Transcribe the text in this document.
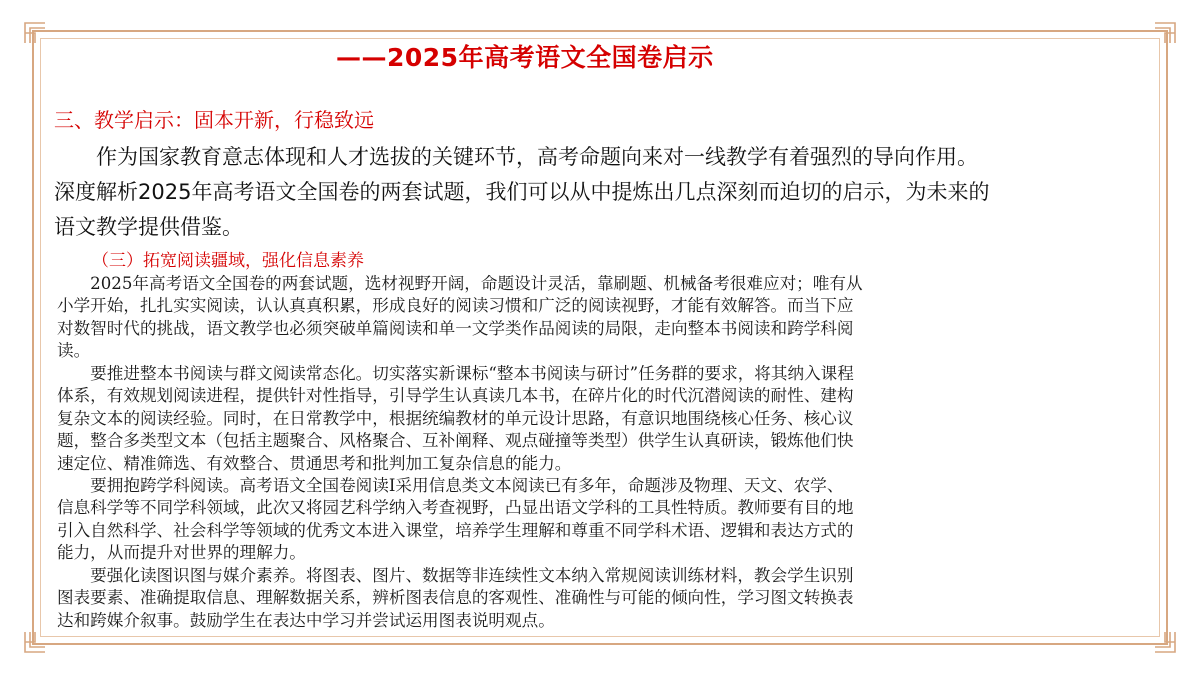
——2025年高考语文全国卷启示
三、教学启示：固本开新，行稳致远
　　作为国家教育意志体现和人才选拔的关键环节，高考命题向来对一线教学有着强烈的导向作用。
深度解析2025年高考语文全国卷的两套试题，我们可以从中提炼出几点深刻而迫切的启示，为未来的
语文教学提供借鉴。
（三）拓宽阅读疆域，强化信息素养
　　2025年高考语文全国卷的两套试题，选材视野开阔，命题设计灵活，靠刷题、机械备考很难应对；唯有从
小学开始，扎扎实实阅读，认认真真积累，形成良好的阅读习惯和广泛的阅读视野，才能有效解答。而当下应
对数智时代的挑战，语文教学也必须突破单篇阅读和单一文学类作品阅读的局限，走向整本书阅读和跨学科阅
读。
　　要推进整本书阅读与群文阅读常态化。切实落实新课标“整本书阅读与研讨”任务群的要求，将其纳入课程
体系，有效规划阅读进程，提供针对性指导，引导学生认真读几本书，在碎片化的时代沉潜阅读的耐性、建构
复杂文本的阅读经验。同时，在日常教学中，根据统编教材的单元设计思路，有意识地围绕核心任务、核心议
题，整合多类型文本（包括主题聚合、风格聚合、互补阐释、观点碰撞等类型）供学生认真研读，锻炼他们快
速定位、精准筛选、有效整合、贯通思考和批判加工复杂信息的能力。
　　要拥抱跨学科阅读。高考语文全国卷阅读Ⅰ采用信息类文本阅读已有多年，命题涉及物理、天文、农学、
信息科学等不同学科领域，此次又将园艺科学纳入考查视野，凸显出语文学科的工具性特质。教师要有目的地
引入自然科学、社会科学等领域的优秀文本进入课堂，培养学生理解和尊重不同学科术语、逻辑和表达方式的
能力，从而提升对世界的理解力。
　　要强化读图识图与媒介素养。将图表、图片、数据等非连续性文本纳入常规阅读训练材料，教会学生识别
图表要素、准确提取信息、理解数据关系，辨析图表信息的客观性、准确性与可能的倾向性，学习图文转换表
达和跨媒介叙事。鼓励学生在表达中学习并尝试运用图表说明观点。
